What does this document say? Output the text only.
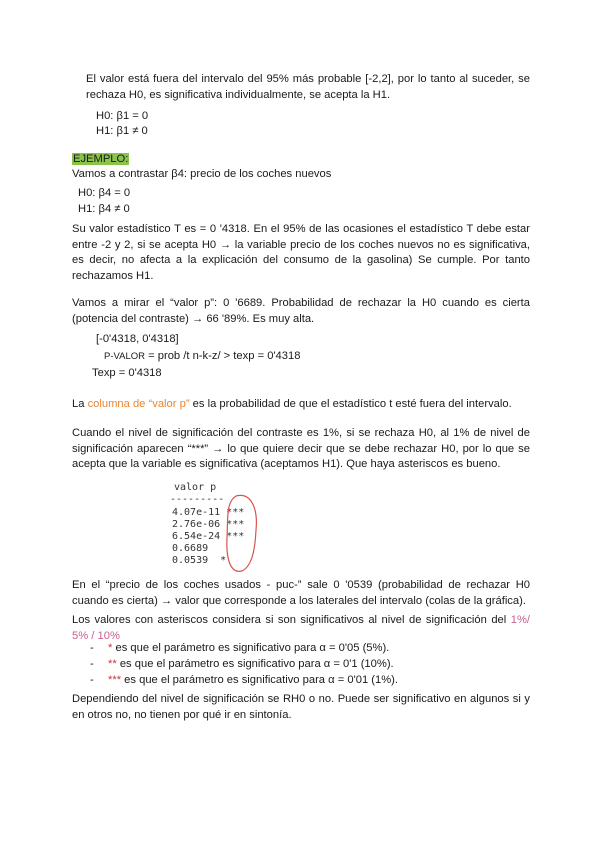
El valor está fuera del intervalo del 95% más probable [-2,2], por lo tanto al suceder, se rechaza H0, es significativa individualmente, se acepta la H1.

H0: β1 = 0
H1: β1 ≠ 0
EJEMPLO:
Vamos a contrastar β4: precio de los coches nuevos
H0: β4 = 0
H1: β4 ≠ 0

Su valor estadístico T es = 0 '4318. En el 95% de las ocasiones el estadístico T debe estar entre -2 y 2, si se acepta H0 → la variable precio de los coches nuevos no es significativa, es decir, no afecta a la explicación del consumo de la gasolina) Se cumple. Por tanto rechazamos H1.

Vamos a mirar el “valor p”: 0 '6689. Probabilidad de rechazar la H0 cuando es cierta (potencia del contraste) → 66 '89%. Es muy alta.

[-0'4318, 0'4318]
P-VALOR = prob /t n-k-z/ > texp = 0'4318
Texp = 0'4318
La columna de “valor p” es la probabilidad de que el estadístico t esté fuera del intervalo.

Cuando el nivel de significación del contraste es 1%, si se rechaza H0, al 1% de nivel de significación aparecen “***” → lo que quiere decir que se debe rechazar H0, por lo que se acepta que la variable es significativa (aceptamos H1). Que haya asteriscos es bueno.

valor p
---------
4.07e-11 ***
2.76e-06 ***
6.54e-24 ***
0.6689
0.0539  *

En el “precio de los coches usados - puc-” sale 0 '0539 (probabilidad de rechazar H0 cuando es cierta) → valor que corresponde a los laterales del intervalo (colas de la gráfica).

Los valores con asteriscos considera si son significativos al nivel de significación del 1%/ 5% / 10%

- * es que el parámetro es significativo para α = 0'05 (5%).
- ** es que el parámetro es significativo para α = 0'1 (10%).
- *** es que el parámetro es significativo para α = 0'01 (1%).

Dependiendo del nivel de significación se RH0 o no. Puede ser significativo en algunos si y en otros no, no tienen por qué ir en sintonía.
